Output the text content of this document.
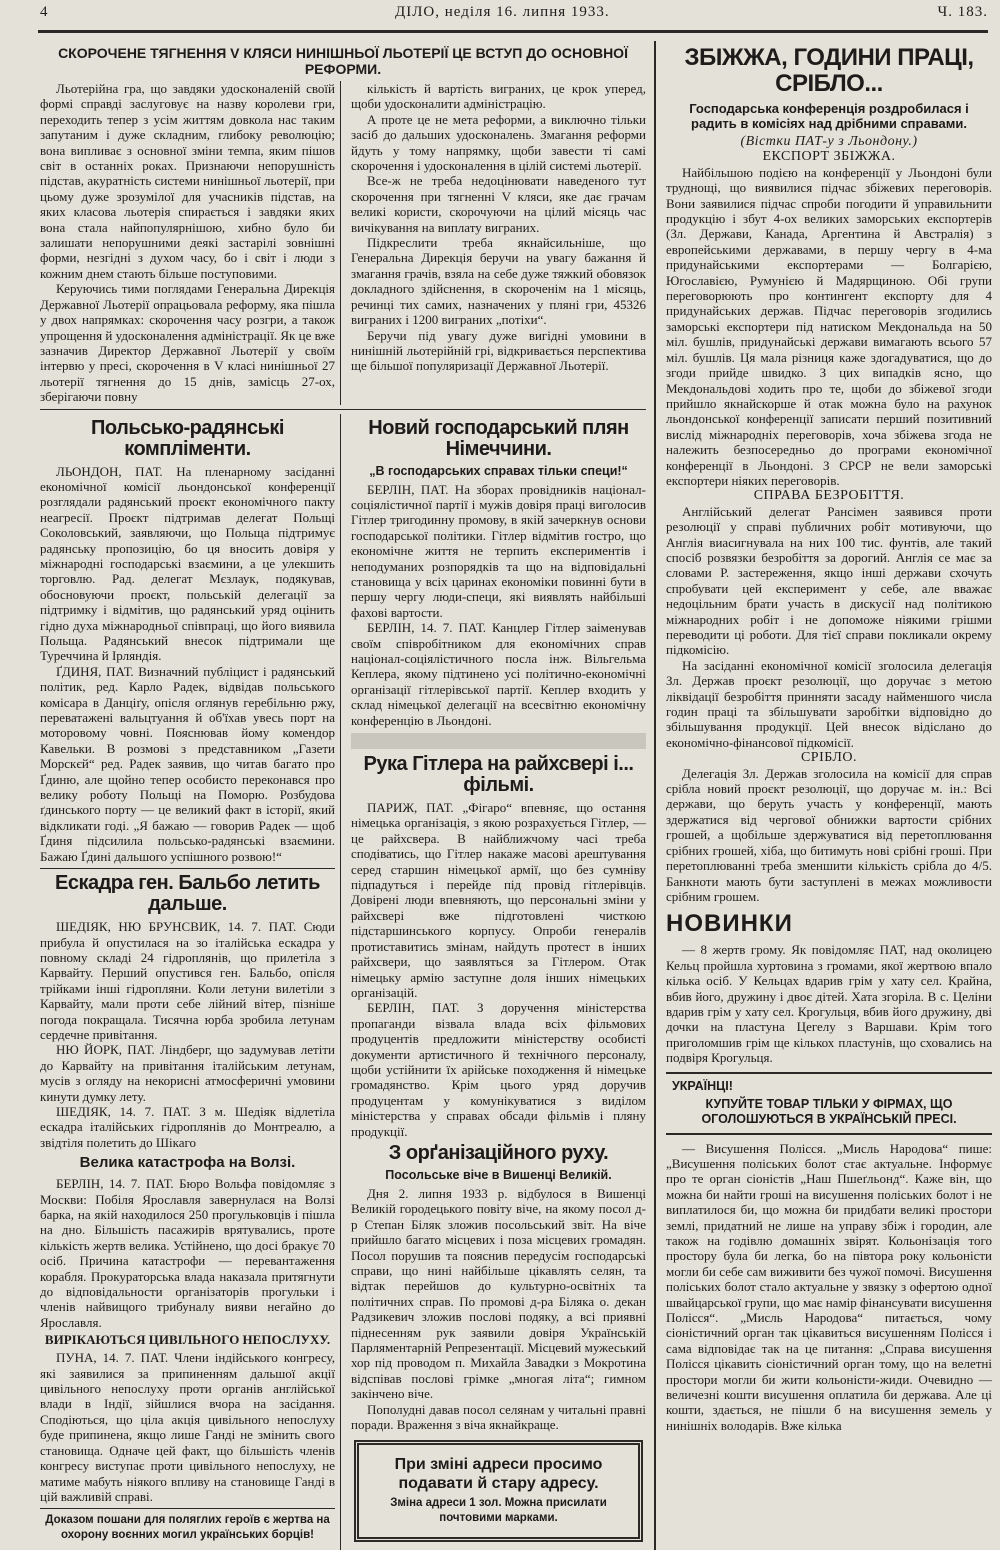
4	ДІЛО, неділя 16. липня 1933.	Ч. 183.
СКОРОЧЕНЕ ТЯГНЕННЯ V КЛЯСИ НИНІШНЬОЇ ЛЬОТЕРІЇ ЦЕ ВСТУП ДО ОСНОВНОЇ РЕФОРМИ.

Льотерійна гра, що завдяки удосконаленій своїй формі справді заслуговує на назву королеви гри, переходить тепер з усім життям довкола нас таким запутаним і дуже складним, глибоку революцію; вона випливає з основної зміни темпа, яким пішов світ в останніх роках. Признаючи непорушність підстав, акуратність системи нинішньої льотерії, при цьому дуже зрозумілої для учасників підстав, на яких класова льотерія спирається і завдяки яких вона стала найпопулярнішою, хибно було би залишати непорушними деякі застарілі зовнішні форми, незгідні з духом часу, бо і світ і люди з кожним днем стають більше поступовими.

Керуючись тими поглядами Генеральна Дирекція Державної Льотерії опрацьовала реформу, яка пішла у двох напрямках: скорочення часу розгри, а також упрощення й удосконалення адміністрації. Як це вже зазначив Директор Державної Льотерії у своїм інтервю у пресі, скорочення в V класі нинішньої 27 льотерії тягнення до 15 днів, замісць 27-ох, зберігаючи повну

кількість й вартість виграних, це крок уперед, щоби удосконалити адміністрацію.

А проте це не мета реформи, а виключно тільки засіб до дальших удосконалень. Змагання реформи йдуть у тому напрямку, щоби завести ті самі скорочення і удосконалення в цілій системі льотерії.

Все-ж не треба недоцінювати наведеного тут скорочення при тягненні V кляси, яке дає грачам великі користи, скорочуючи на цілий місяць час вичікування на виплату виграних.

Підкреслити треба якнайсильніше, що Генеральна Дирекція беручи на увагу бажання й змагання грачів, взяла на себе дуже тяжкий обовязок докладного здійснення, в скороченім на 1 місяць, речинці тих самих, назначених у пляні гри, 45326 виграних і 1200 виграних „потіхи“.

Беручи під увагу дуже вигідні умовини в нинішній льотерійній грі, відкривається перспектива ще більшої популяризації Державної Льотерії.

Польсько-радянські компліменти.

ЛЬОНДОН, ПАТ. На пленарному засіданні економічної комісії льондонської конференції розглядали радянський проєкт економічного пакту неагресії. Проєкт підтримав делегат Польщі Соколовський, заявляючи, що Польща підтримує радянську пропозицію, бо ця вносить довіря у міжнародні господарські взаємини, а це улекшить торговлю. Рад. делегат Мєзлаук, подякував, обосновуючи проєкт, польській делегації за підтримку і відмітив, що радянський уряд оцінить гідно духа міжнародньої співпраці, що його виявила Польща. Радянський внесок підтримали ще Туреччина й Ірляндія.

ҐДИНЯ, ПАТ. Визначний публіцист і радянський політик, ред. Карло Радек, відвідав польського комісара в Данціґу, опісля оглянув геребільню ржу, переватажені вальцтуання й об'їхав увесь порт на моторовому човні. Пояснював йому комендор Кавельки. В розмові з представником „Газети Морскєй“ ред. Радек заявив, що читав багато про Ґдиню, але щойно тепер особисто переконався про велику роботу Польщі на Поморю. Розбудова ґдинського порту — це великий факт в історії, який відкликати годі. „Я бажаю — говорив Радек — щоб Ґдиня підсилила польсько-радянські взаємини. Бажаю Ґдині дальшого успішного розвою!“

Ескадра ген. Бальбо летить дальше.

ШЕДІЯК, НЮ БРУНСВИК, 14. 7. ПАТ. Сюди прибула й опустилася на зо італійська ескадра у повному складі 24 гідроплянів, що прилетіла з Карвайту. Перший опустився ген. Бальбо, опісля трійками інші гідропляни. Коли летуни вилетіли з Карвайту, мали проти себе лійний вітер, пізніше погода покращала. Тисячна юрба зробила летунам сердечне привітання.

НЮ ЙОРК, ПАТ. Ліндберг, що задумував летіти до Карвайту на привітання італійським летунам, мусів з огляду на некорисні атмосферичні умовини кинути думку лету.

ШЕДІЯК, 14. 7. ПАТ. З м. Шедіяк відлетіла ескадра італійських гідроплянів до Монтреалю, а звідтіля полетить до Шікаго

Велика катастрофа на Волзі.

БЕРЛІН, 14. 7. ПАТ. Бюро Вольфа повідомляє з Москви: Побіля Ярославля завернулася на Волзі барка, на якій находилося 250 прогульковців і пішла на дно. Більшість пасажирів врятувались, проте кількість жертв велика. Устійнено, що досі бракує 70 осіб. Причина катастрофи — перевантаження корабля. Прокураторська влада наказала притягнути до відповідальности організаторів прогульки і членів найвищого трибуналу вияви негайно до Ярославля.

ВИРІКАЮТЬСЯ ЦИВІЛЬНОГО НЕПОСЛУХУ.

ПУНА, 14. 7. ПАТ. Члени індійського конгресу, які заявилися за припиненням дальшої акції цивільного непослуху проти органів англійської влади в Індії, зійшлися вчора на засідання. Сподіються, що ціла акція цивільного непослуху буде припинена, якщо лише Ганді не змінить свого становища. Одначе цей факт, що більшість членів конгресу виступає проти цивільного непослуху, не матиме мабуть ніякого впливу на становище Ганді в цій важливій справі.

Доказом пошани для поляглих героїв є жертва на охорону воєнних могил українських борців!
Новий господарський плян Німеччини.
„В господарських справах тільки специ!“

БЕРЛІН, ПАТ. На зборах провідників націонал-соціялістичної партії і мужів довіря праці виголосив Гітлер тригодинну промову, в якій зачеркнув основи господарської політики. Гітлер відмітив гостро, що економічне життя не терпить експериментів і неподуманих розпорядків та що на відповідальні становища у всіх царинах економіки повинні бути в першу чергу люди-специ, які виявлять найбільші фахові вартости.

БЕРЛІН, 14. 7. ПАТ. Канцлер Гітлер заіменував своїм співробітником для економічних справ націонал-соціялістичного посла інж. Вільгельма Кеплера, якому підтинено усі політично-економічні організації гітлерівської партії. Кеплер входить у склад німецької делегації на всесвітню економічну конференцію в Льондоні.

Рука Гітлера на райхсвері і... фільмі.

ПАРИЖ, ПАТ. „Фігаро“ впевняє, що остання німецька організація, з якою розрахується Гітлер, — це райхсвера. В найближчому часі треба сподіватись, що Гітлер накаже масові арештування серед старшин німецької армії, що без сумніву підпадуться і перейде під провід гітлерівців. Довірені люди впевняють, що персональні зміни у райхсвері вже підготовлені чисткою підстаршинського корпусу. Опроби генералів протиставитись змінам, найдуть протест в інших райхсвери, що заявляться за Гітлером. Отак німецьку армію заступне доля інших німецьких організацій.

БЕРЛІН, ПАТ. З доручення міністерства пропаганди візвала влада всіх фільмових продуцентів предложити міністерству особисті документи артистичного й технічного персоналу, щоби устійнити їх арійське походження й німецьке громадянство. Крім цього уряд доручив продуцентам у комунікуватися з виділом міністерства у справах обсади фільмів і пляну продукції.

З орґанізаційного руху.
Посольське віче в Вишенці Великій.

Дня 2. липня 1933 р. відбулося в Вишенці Великій городецького повіту віче, на якому посол д-р Степан Біляк зложив посольський звіт. На віче прийшло багато місцевих і поза місцевих громадян. Посол порушив та пояснив передусім господарські справи, що нині найбільше цікавлять селян, та відтак перейшов до культурно-освітніх та політичних справ. По промові д-ра Біляка о. декан Радзикевич зложив послові подяку, а всі приявні піднесенням рук заявили довіря Українській Парляментарній Репрезентації. Місцевий мужеський хор під проводом п. Михайла Завадки з Мокротина відспівав послові грімке „многая літа“; гимном закінчено віче.

Пополудні давав посол селянам у читальні правні поради. Враження з віча якнайкраще.

При зміні адреси просимо подавати й стару адресу.
Зміна адреси 1 зол. Можна присилати почтовими марками.
ЗБІЖЖА, ГОДИНИ ПРАЦІ, СРІБЛО...
Господарська конференція роздробилася і радить в комісіях над дрібними справами.

(Вістки ПАТ-у з Льондону.)

ЕКСПОРТ ЗБІЖЖА.

Найбільшою подією на конференції у Льондоні були труднощі, що виявилися підчас збіжевих переговорів. Вони заявилися підчас спроби погодити й управильнити продукцію і збут 4-ох великих заморських експортерів (Зл. Держави, Канада, Аргентина й Австралія) з европейськими державами, в першу чергу в 4-ма придунайськими експортерами — Болгарією, Югославією, Румунією й Мадярщиною. Обі групи переговорюють про контингент експорту для 4 придунайських держав. Підчас переговорів згодились заморські експортери під натиском Мекдональда на 50 міл. бушлів, придунайські держави вимагають всього 57 міл. бушлів. Ця мала різниця каже здогадуватися, що до згоди прийде швидко. З цих випадків ясно, що Мекдональдові ходить про те, щоби до збіжевої згоди прийшло якнайскорше й отак можна було на рахунок льондонської конференції записати перший позитивний вислід міжнародніх переговорів, хоча збіжева згода не належить безпосередньо до програми економічної конференції в Льондоні. З СРСР не вели заморські експортери ніяких переговорів.

СПРАВА БЕЗРОБІТТЯ.

Англійський делегат Рансімен заявився проти резолюції у справі публичних робіт мотивуючи, що Англія виасигнувала на них 100 тис. фунтів, але такий спосіб розвязки безробіття за дорогий. Англія се має за словами Р. застереження, якщо інші держави схочуть спробувати цей експеримент у себе, але вважає недоцільним брати участь в дискусії над політикою міжнародних робіт і не допоможе ніякими грішми переводити ці роботи. Для тієї справи покликали окрему підкомісію.

На засіданні економічної комісії зголосила делегація Зл. Держав проєкт резолюції, що доручає з метою ліквідації безробіття принняти засаду найменшого числа годин праці та збільшувати заробітки відповідно до збільшування продукції. Цей внесок відіслано до економічно-фінансової підкомісії.

СРІБЛО.

Делегація Зл. Держав зголосила на комісії для справ срібла новий проєкт резолюції, що доручає м. ін.: Всі держави, що беруть участь у конференції, мають здержатися від чергової обнижки вартости срібних грошей, а щобільше здержуватися від перетоплювання срібних грошей, хіба, що битимуть нові срібні гроші. При перетоплюванні треба зменшити кількість срібла до 4/5. Банкноти мають бути заступлені в межах можливости срібним грошем.

НОВИНКИ

— 8 жертв грому. Як повідомляє ПАТ, над околицею Кельц пройшла хуртовина з громами, якої жертвою впало кілька осіб. У Кельцах вдарив грім у хату сел. Крайна, вбив його, дружину і двоє дітей. Хата згоріла. В с. Целіни вдарив грім у хату сел. Крогульця, вбив його дружину, дві дочки на пластуна Цегелу з Варшави. Крім того приголомшив грім ще кількох пластунів, що сховались на подвіря Крогульця.

УКРАЇНЦІ!
КУПУЙТЕ ТОВАР ТІЛЬКИ У ФІРМАХ, ЩО ОГОЛОШУЮТЬСЯ В УКРАЇНСЬКІЙ ПРЕСІ.

— Висушення Полісся. „Мисль Народова“ пише: „Висушення поліських болот стає актуальне. Інформує про те орган сіоністів „Наш Пшеґльонд“. Каже він, що можна би найти гроші на висушення поліських болот і не виплатилося би, що можна би придбати великі простори землі, придатний не лише на управу збіж і городин, але також на годівлю домашніх звірят. Кольонізація того простору була би легка, бо на півтора року кольоністи могли би себе сам виживити без чужої помочі. Висушення поліських болот стало актуальне у звязку з офертою одної швайцарської групи, що має намір фінансувати висушення Полісся“. „Мисль Народова“ питається, чому сіоністичний орган так цікавиться висушенням Полісся і сама відповідає так на це питання: „Справа висушення Полісся цікавить сіоністичний орган тому, що на велетні простори могли би жити кольоністи-жиди. Очевидно — величезні кошти висушення оплатила би держава. Але ці кошти, здається, не пішли б на висушення земель у нинішніх володарів. Вже кілька
